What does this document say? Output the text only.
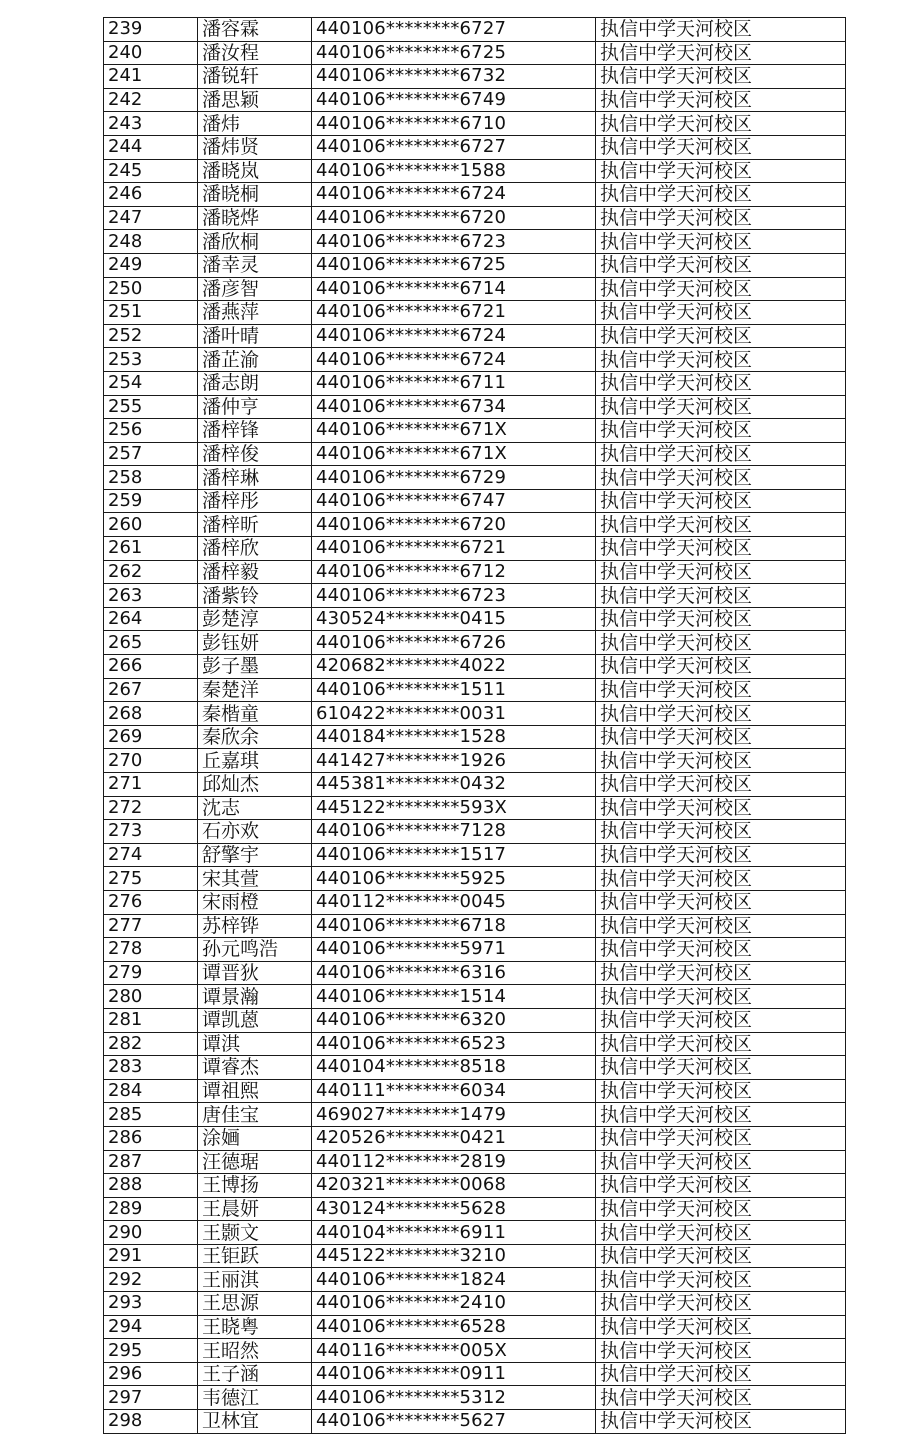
239	潘容霖	440106********6727	执信中学天河校区
240	潘汝程	440106********6725	执信中学天河校区
241	潘锐轩	440106********6732	执信中学天河校区
242	潘思颖	440106********6749	执信中学天河校区
243	潘炜	440106********6710	执信中学天河校区
244	潘炜贤	440106********6727	执信中学天河校区
245	潘晓岚	440106********1588	执信中学天河校区
246	潘晓桐	440106********6724	执信中学天河校区
247	潘晓烨	440106********6720	执信中学天河校区
248	潘欣桐	440106********6723	执信中学天河校区
249	潘幸灵	440106********6725	执信中学天河校区
250	潘彦智	440106********6714	执信中学天河校区
251	潘燕萍	440106********6721	执信中学天河校区
252	潘叶晴	440106********6724	执信中学天河校区
253	潘芷渝	440106********6724	执信中学天河校区
254	潘志朗	440106********6711	执信中学天河校区
255	潘仲亨	440106********6734	执信中学天河校区
256	潘梓锋	440106********671X	执信中学天河校区
257	潘梓俊	440106********671X	执信中学天河校区
258	潘梓琳	440106********6729	执信中学天河校区
259	潘梓彤	440106********6747	执信中学天河校区
260	潘梓昕	440106********6720	执信中学天河校区
261	潘梓欣	440106********6721	执信中学天河校区
262	潘梓毅	440106********6712	执信中学天河校区
263	潘紫铃	440106********6723	执信中学天河校区
264	彭楚淳	430524********0415	执信中学天河校区
265	彭钰妍	440106********6726	执信中学天河校区
266	彭子墨	420682********4022	执信中学天河校区
267	秦楚洋	440106********1511	执信中学天河校区
268	秦楷童	610422********0031	执信中学天河校区
269	秦欣余	440184********1528	执信中学天河校区
270	丘嘉琪	441427********1926	执信中学天河校区
271	邱灿杰	445381********0432	执信中学天河校区
272	沈志	445122********593X	执信中学天河校区
273	石亦欢	440106********7128	执信中学天河校区
274	舒擎宇	440106********1517	执信中学天河校区
275	宋其萱	440106********5925	执信中学天河校区
276	宋雨橙	440112********0045	执信中学天河校区
277	苏梓铧	440106********6718	执信中学天河校区
278	孙元鸣浩	440106********5971	执信中学天河校区
279	谭晋狄	440106********6316	执信中学天河校区
280	谭景瀚	440106********1514	执信中学天河校区
281	谭凯蒽	440106********6320	执信中学天河校区
282	谭淇	440106********6523	执信中学天河校区
283	谭睿杰	440104********8518	执信中学天河校区
284	谭祖熙	440111********6034	执信中学天河校区
285	唐佳宝	469027********1479	执信中学天河校区
286	涂婳	420526********0421	执信中学天河校区
287	汪德琚	440112********2819	执信中学天河校区
288	王博扬	420321********0068	执信中学天河校区
289	王晨妍	430124********5628	执信中学天河校区
290	王颢文	440104********6911	执信中学天河校区
291	王钜跃	445122********3210	执信中学天河校区
292	王丽淇	440106********1824	执信中学天河校区
293	王思源	440106********2410	执信中学天河校区
294	王晓粤	440106********6528	执信中学天河校区
295	王昭然	440116********005X	执信中学天河校区
296	王子涵	440106********0911	执信中学天河校区
297	韦德江	440106********5312	执信中学天河校区
298	卫林宜	440106********5627	执信中学天河校区
